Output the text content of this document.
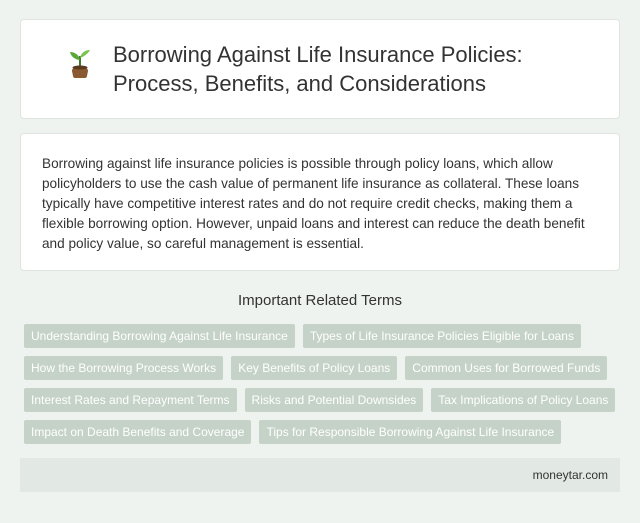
Borrowing Against Life Insurance Policies: Process, Benefits, and Considerations

Borrowing against life insurance policies is possible through policy loans, which allow policyholders to use the cash value of permanent life insurance as collateral. These loans typically have competitive interest rates and do not require credit checks, making them a flexible borrowing option. However, unpaid loans and interest can reduce the death benefit and policy value, so careful management is essential.

Important Related Terms
Understanding Borrowing Against Life Insurance	Types of Life Insurance Policies Eligible for Loans
How the Borrowing Process Works	Key Benefits of Policy Loans	Common Uses for Borrowed Funds
Interest Rates and Repayment Terms	Risks and Potential Downsides	Tax Implications of Policy Loans
Impact on Death Benefits and Coverage	Tips for Responsible Borrowing Against Life Insurance
moneytar.com
